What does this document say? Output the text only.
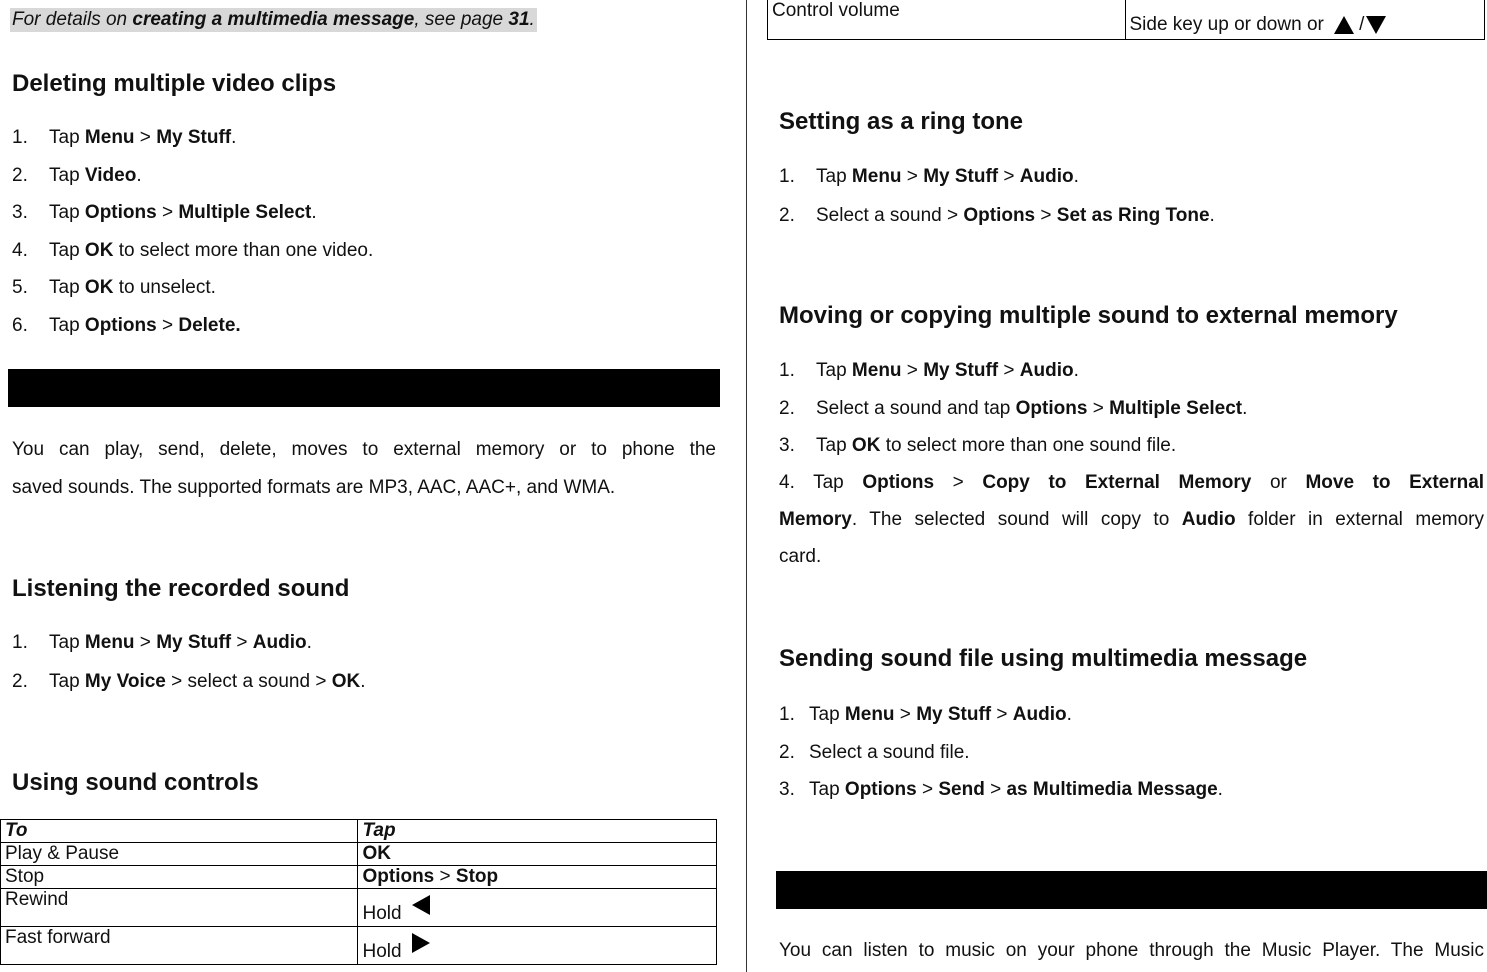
For details on creating a multimedia message, see page 31.
Deleting multiple video clips
You can play, send, delete, moves to external memory or to phone the
saved sounds. The supported formats are MP3, AAC, AAC+, and WMA.
Listening the recorded sound
Using sound controls
To	Tap
Play & Pause	OK
Stop	Options > Stop
Rewind	Hold
Fast forward	Hold
1. Tap Menu > My Stuff.
2. Tap Video.
3. Tap Options > Multiple Select.
4. Tap OK to select more than one video.
5. Tap OK to unselect.
6. Tap Options > Delete.
1. Tap Menu > My Stuff > Audio.
2. Tap My Voice > select a sound > OK.
Control volume	Side key up or down or /
Setting as a ring tone
Moving or copying multiple sound to external memory
4. Tap Options > Copy to External Memory or Move to External
Memory. The selected sound will copy to Audio folder in external memory
card.
Sending sound file using multimedia message
You can listen to music on your phone through the Music Player. The Music
1. Tap Menu > My Stuff > Audio.
2. Select a sound > Options > Set as Ring Tone.
1. Tap Menu > My Stuff > Audio.
2. Select a sound and tap Options > Multiple Select.
3. Tap OK to select more than one sound file.
1. Tap Menu > My Stuff > Audio.
2. Select a sound file.
3. Tap Options > Send > as Multimedia Message.
